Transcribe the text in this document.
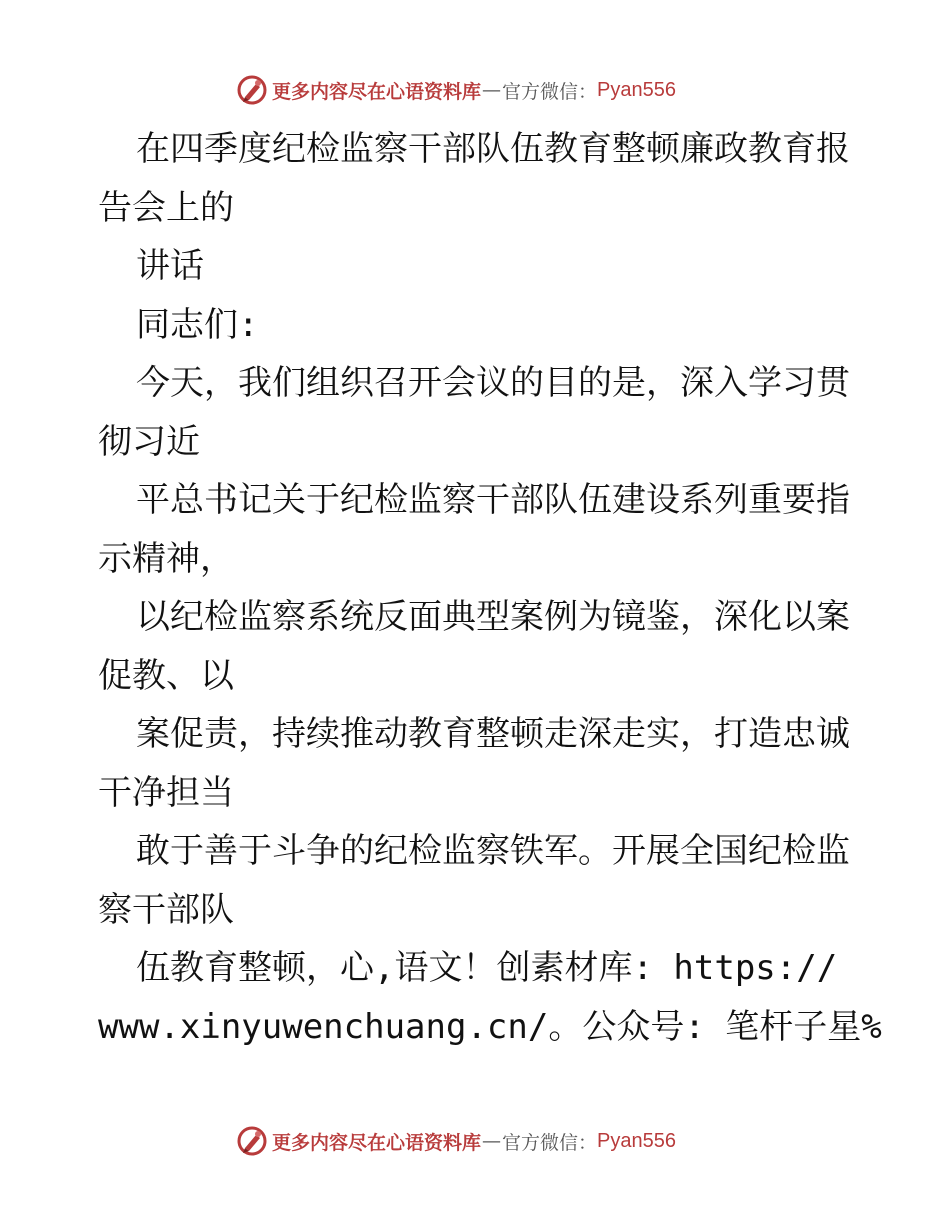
更多内容尽在心语资料库 — 官方微信： Pyan556
在四季度纪检监察干部队伍教育整顿廉政教育报
告会上的
讲话
同志们:
今天，我们组织召开会议的目的是，深入学习贯
彻习近
平总书记关于纪检监察干部队伍建设系列重要指
示精神，
以纪检监察系统反面典型案例为镜鉴，深化以案
促教、以
案促责，持续推动教育整顿走深走实，打造忠诚
干净担当
敢于善于斗争的纪检监察铁军。开展全国纪检监
察干部队
伍教育整顿，心,语文！创素材库: https://
www.xinyuwenchuang.cn/。公众号: 笔杆子星%
更多内容尽在心语资料库 — 官方微信： Pyan556
